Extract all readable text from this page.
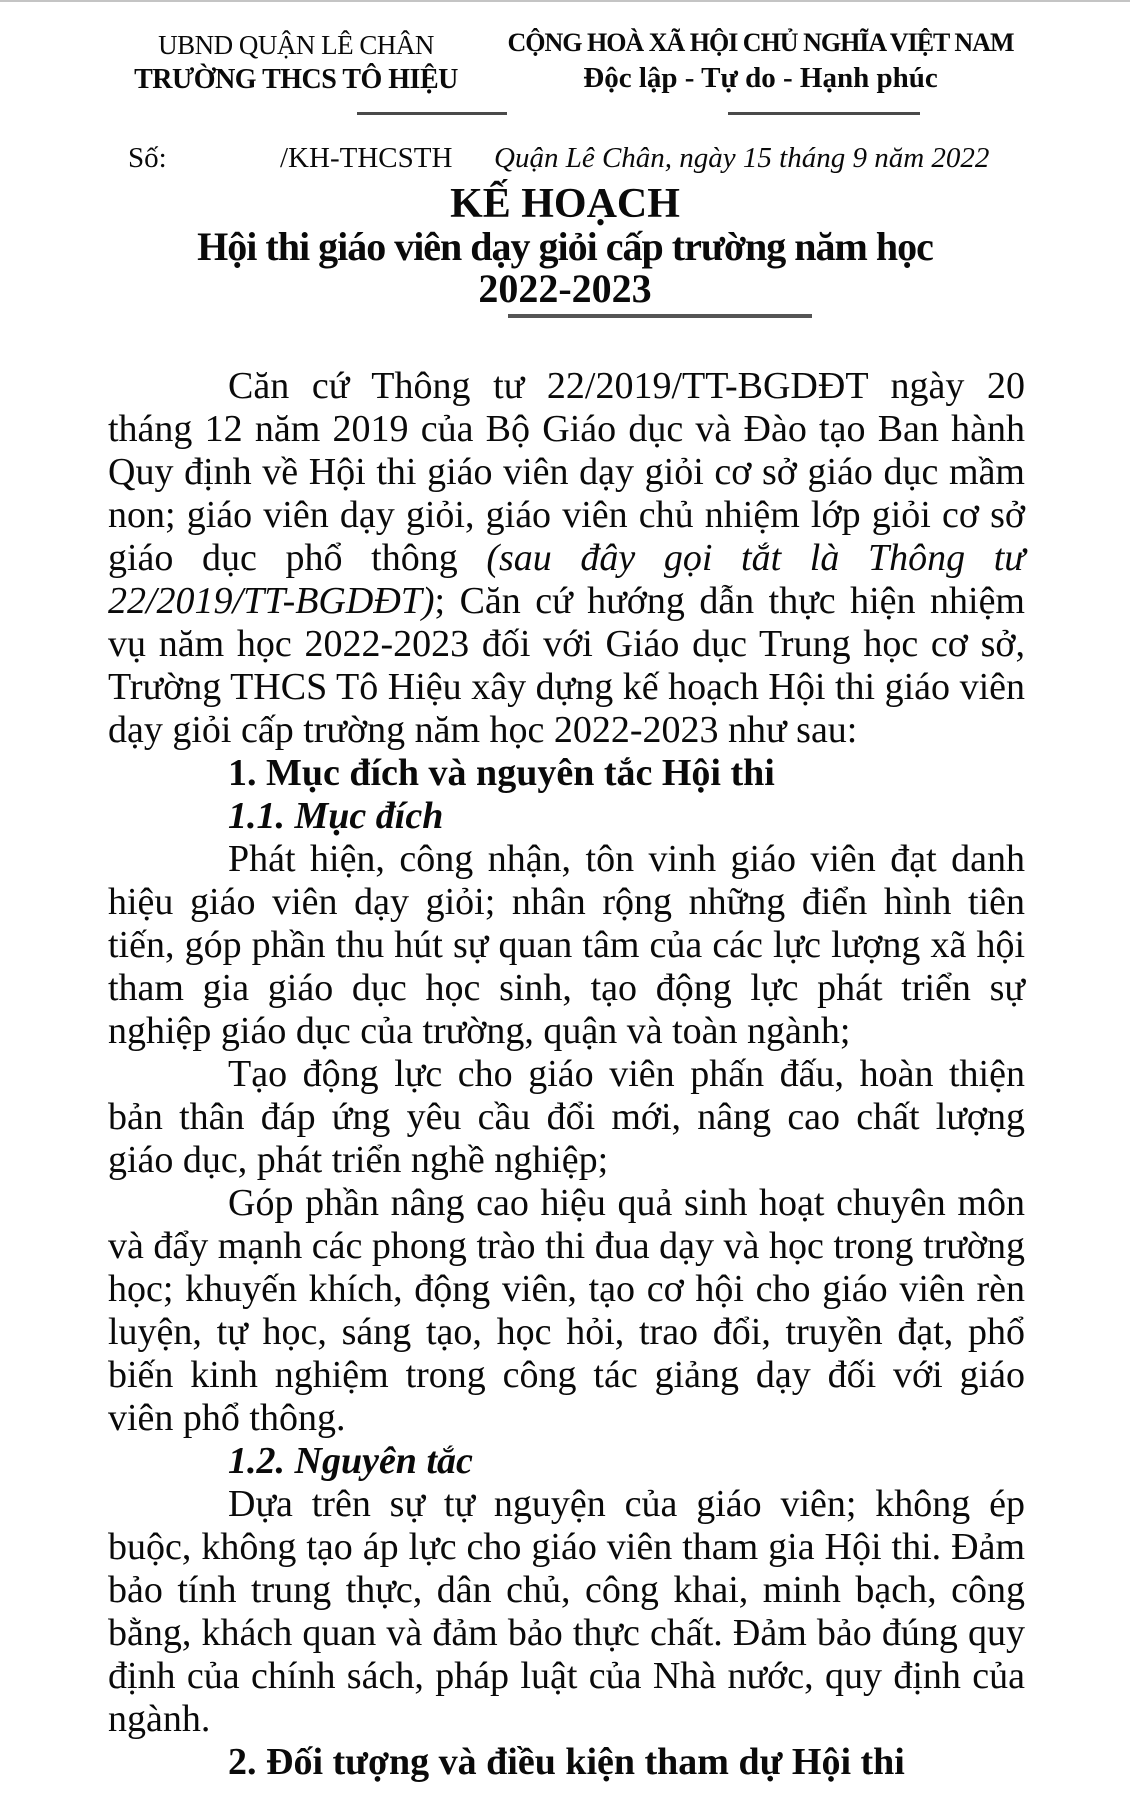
UBND QUẬN LÊ CHÂN
TRƯỜNG THCS TÔ HIỆU
CỘNG HOÀ XÃ HỘI CHỦ NGHĨA VIỆT NAM
Độc lập - Tự do - Hạnh phúc
Số:	/KH-THCSTH Quận Lê Chân, ngày 15 tháng 9 năm 2022
KẾ HOẠCH
Hội thi giáo viên dạy giỏi cấp trường năm học
2022-2023

Căn cứ Thông tư 22/2019/TT-BGDĐT ngày 20 tháng 12 năm 2019 của Bộ Giáo dục và Đào tạo Ban hành Quy định về Hội thi giáo viên dạy giỏi cơ sở giáo dục mầm non; giáo viên dạy giỏi, giáo viên chủ nhiệm lớp giỏi cơ sở giáo dục phổ thông (sau đây gọi tắt là Thông tư 22/2019/TT-BGDĐT); Căn cứ hướng dẫn thực hiện nhiệm vụ năm học 2022-2023 đối với Giáo dục Trung học cơ sở, Trường THCS Tô Hiệu xây dựng kế hoạch Hội thi giáo viên dạy giỏi cấp trường năm học 2022-2023 như sau:

1. Mục đích và nguyên tắc Hội thi
1.1. Mục đích

Phát hiện, công nhận, tôn vinh giáo viên đạt danh hiệu giáo viên dạy giỏi; nhân rộng những điển hình tiên tiến, góp phần thu hút sự quan tâm của các lực lượng xã hội tham gia giáo dục học sinh, tạo động lực phát triển sự nghiệp giáo dục của trường, quận và toàn ngành;

Tạo động lực cho giáo viên phấn đấu, hoàn thiện bản thân đáp ứng yêu cầu đổi mới, nâng cao chất lượng giáo dục, phát triển nghề nghiệp;

Góp phần nâng cao hiệu quả sinh hoạt chuyên môn và đẩy mạnh các phong trào thi đua dạy và học trong trường học; khuyến khích, động viên, tạo cơ hội cho giáo viên rèn luyện, tự học, sáng tạo, học hỏi, trao đổi, truyền đạt, phổ biến kinh nghiệm trong công tác giảng dạy đối với giáo viên phổ thông.

1.2. Nguyên tắc

Dựa trên sự tự nguyện của giáo viên; không ép buộc, không tạo áp lực cho giáo viên tham gia Hội thi. Đảm bảo tính trung thực, dân chủ, công khai, minh bạch, công bằng, khách quan và đảm bảo thực chất. Đảm bảo đúng quy định của chính sách, pháp luật của Nhà nước, quy định của ngành.

2. Đối tượng và điều kiện tham dự Hội thi
